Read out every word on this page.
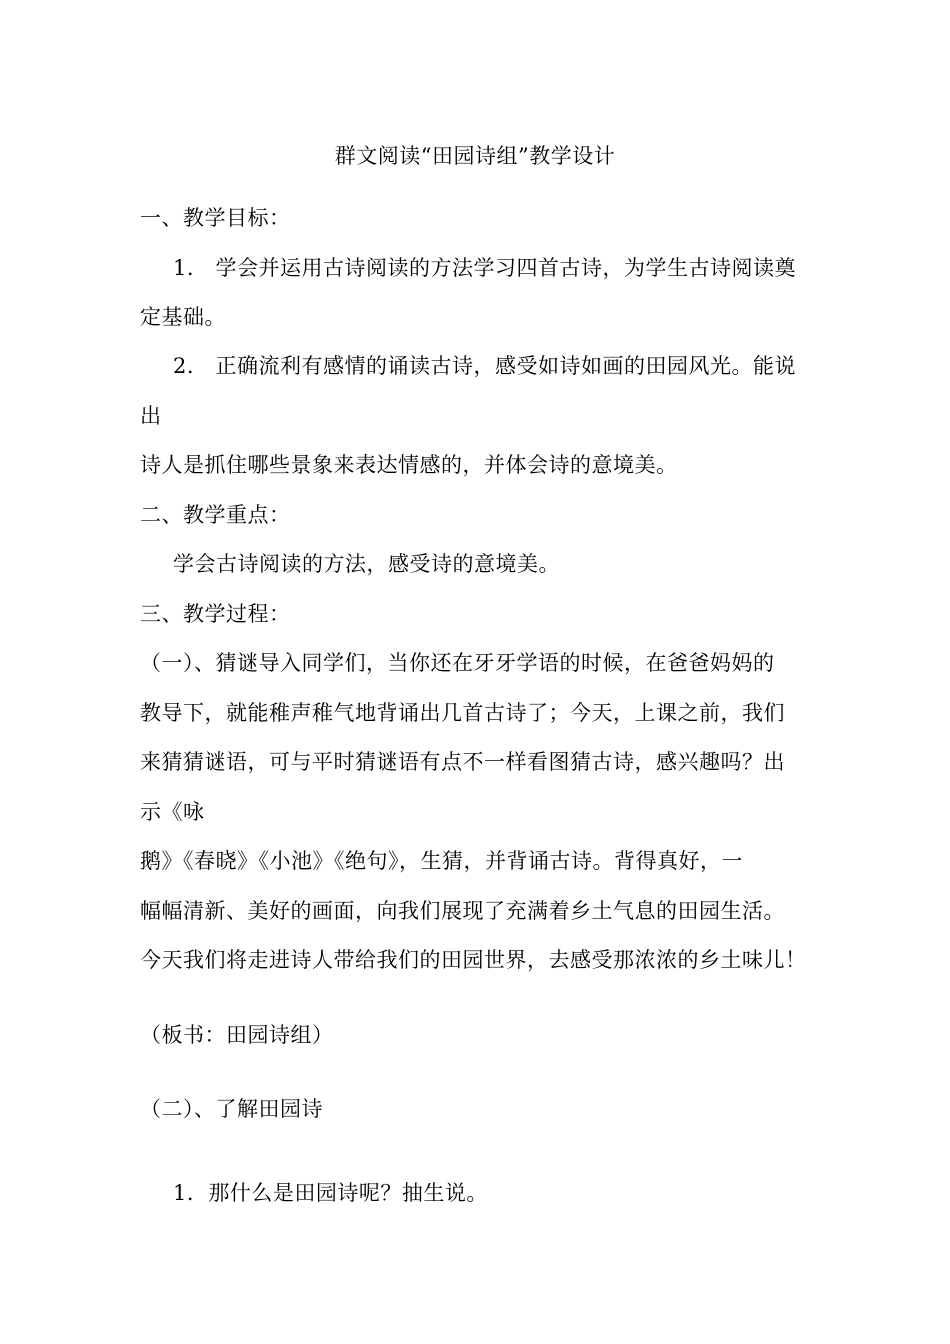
群文阅读“田园诗组”教学设计
一、教学目标：
1.　学会并运用古诗阅读的方法学习四首古诗，为学生古诗阅读奠
定基础。
2.　正确流利有感情的诵读古诗，感受如诗如画的田园风光。能说
出
诗人是抓住哪些景象来表达情感的，并体会诗的意境美。
二、教学重点：
学会古诗阅读的方法，感受诗的意境美。
三、教学过程：
（一）、猜谜导入同学们，当你还在牙牙学语的时候，在爸爸妈妈的
教导下，就能稚声稚气地背诵出几首古诗了；今天，上课之前，我们
来猜猜谜语，可与平时猜谜语有点不一样看图猜古诗，感兴趣吗？出
示《咏
鹅》《春晓》《小池》《绝句》，生猜，并背诵古诗。背得真好，一
幅幅清新、美好的画面，向我们展现了充满着乡土气息的田园生活。
今天我们将走进诗人带给我们的田园世界，去感受那浓浓的乡土味儿！
（板书：田园诗组）
（二）、了解田园诗
1．那什么是田园诗呢？抽生说。
